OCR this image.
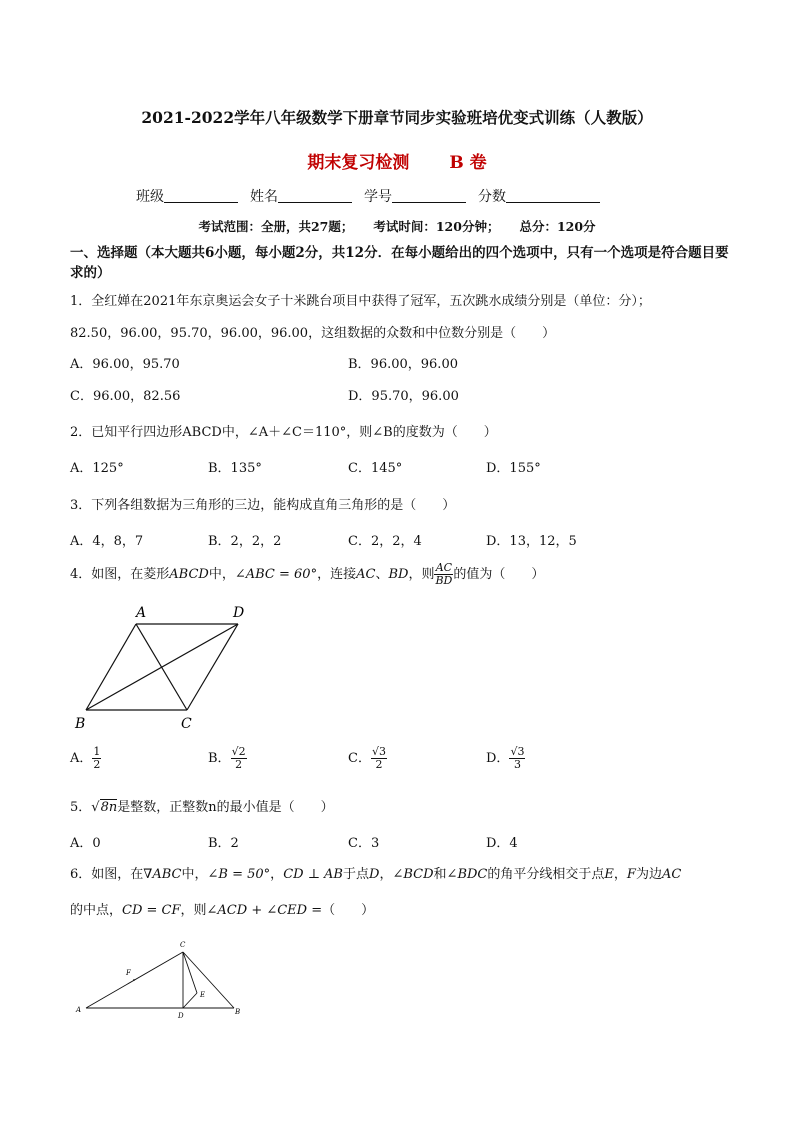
2021-2022学年八年级数学下册章节同步实验班培优变式训练（人教版）
期末复习检测 B 卷
班级	姓名	学号	分数
考试范围：全册，共27题； 考试时间：120分钟； 总分：120分
一、选择题（本大题共6小题，每小题2分，共12分．在每小题给出的四个选项中，只有一个选项是符合题目要求的）
1．全红婵在2021年东京奥运会女子十米跳台项目中获得了冠军，五次跳水成绩分别是（单位：分）；
82.50，96.00，95.70，96.00，96.00，这组数据的众数和中位数分别是（　　）
A．96.00，95.70	B．96.00，96.00
C．96.00，82.56	D．95.70，96.00
2．已知平行四边形ABCD中，∠A＋∠C＝110°，则∠B的度数为（　　）
A．125°	B．135°	C．145°	D．155°
3．下列各组数据为三角形的三边，能构成直角三角形的是（　　）
A．4，8，7	B．2，2，2	C．2，2，4	D．13，12，5
4．如图，在菱形ABCD中，∠ABC = 60°，连接AC、BD，则 $\frac{AC}{BD}$ 的值为（　　）
A	D
B	C
A． $\frac{1}{2}$	B． $\frac{√2}{2}$	C． $\frac{√3}{2}$	D． $\frac{√3}{3}$
5．√8n是整数，正整数n的最小值是（　　）
A．0	B．2	C．3	D．4
6．如图，在∇ABC中，∠B = 50°，CD ⊥ AB于点D，∠BCD和∠BDC的角平分线相交于点E，F为边AC
的中点，CD = CF，则∠ACD + ∠CED =（　　）
C
F
E
A
D	B
